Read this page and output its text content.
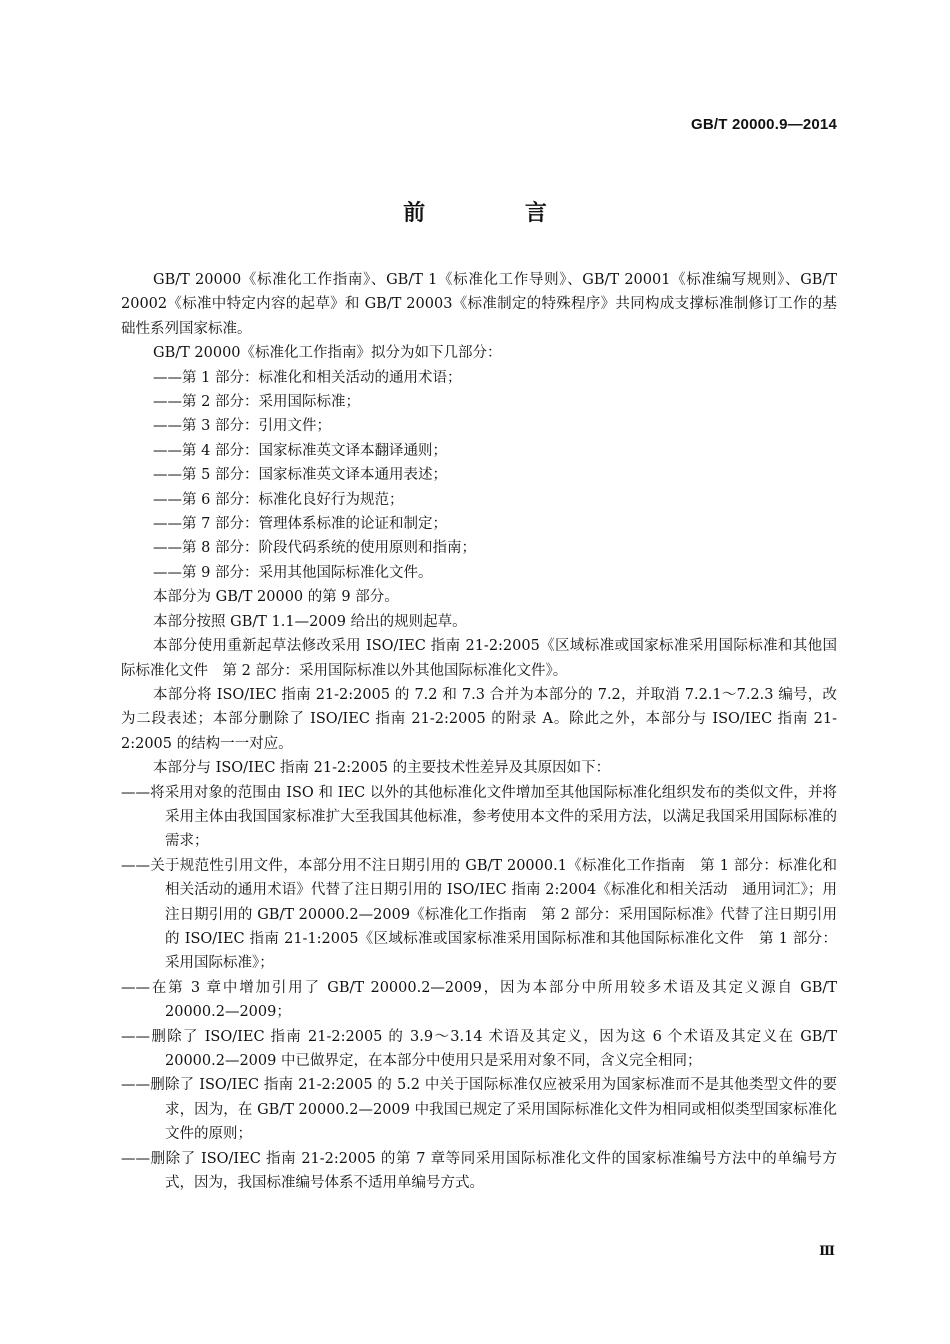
GB/T 20000.9—2014
前 言

GB/T 20000《标准化工作指南》、GB/T 1《标准化工作导则》、GB/T 20001《标准编写规则》、GB/T 20002《标准中特定内容的起草》和 GB/T 20003《标准制定的特殊程序》共同构成支撑标准制修订工作的基础性系列国家标准。

GB/T 20000《标准化工作指南》拟分为如下几部分：

——第 1 部分：标准化和相关活动的通用术语；

——第 2 部分：采用国际标准；

——第 3 部分：引用文件；

——第 4 部分：国家标准英文译本翻译通则；

——第 5 部分：国家标准英文译本通用表述；

——第 6 部分：标准化良好行为规范；

——第 7 部分：管理体系标准的论证和制定；

——第 8 部分：阶段代码系统的使用原则和指南；

——第 9 部分：采用其他国际标准化文件。

本部分为 GB/T 20000 的第 9 部分。

本部分按照 GB/T 1.1—2009 给出的规则起草。

本部分使用重新起草法修改采用 ISO/IEC 指南 21-2:2005《区域标准或国家标准采用国际标准和其他国际标准化文件　第 2 部分：采用国际标准以外其他国际标准化文件》。

本部分将 ISO/IEC 指南 21-2:2005 的 7.2 和 7.3 合并为本部分的 7.2，并取消 7.2.1～7.2.3 编号，改为二段表述；本部分删除了 ISO/IEC 指南 21-2:2005 的附录 A。除此之外，本部分与 ISO/IEC 指南 21-2:2005 的结构一一对应。

本部分与 ISO/IEC 指南 21-2:2005 的主要技术性差异及其原因如下：

——将采用对象的范围由 ISO 和 IEC 以外的其他标准化文件增加至其他国际标准化组织发布的类似文件，并将采用主体由我国国家标准扩大至我国其他标准，参考使用本文件的采用方法，以满足我国采用国际标准的需求；

——关于规范性引用文件，本部分用不注日期引用的 GB/T 20000.1《标准化工作指南　第 1 部分：标准化和相关活动的通用术语》代替了注日期引用的 ISO/IEC 指南 2:2004《标准化和相关活动　通用词汇》；用注日期引用的 GB/T 20000.2—2009《标准化工作指南　第 2 部分：采用国际标准》代替了注日期引用的 ISO/IEC 指南 21-1:2005《区域标准或国家标准采用国际标准和其他国际标准化文件　第 1 部分：采用国际标准》；

——在第 3 章中增加引用了 GB/T 20000.2—2009，因为本部分中所用较多术语及其定义源自 GB/T 20000.2—2009；

——删除了 ISO/IEC 指南 21-2:2005 的 3.9～3.14 术语及其定义，因为这 6 个术语及其定义在 GB/T 20000.2—2009 中已做界定，在本部分中使用只是采用对象不同，含义完全相同；

——删除了 ISO/IEC 指南 21-2:2005 的 5.2 中关于国际标准仅应被采用为国家标准而不是其他类型文件的要求，因为，在 GB/T 20000.2—2009 中我国已规定了采用国际标准化文件为相同或相似类型国家标准化文件的原则；

——删除了 ISO/IEC 指南 21-2:2005 的第 7 章等同采用国际标准化文件的国家标准编号方法中的单编号方式，因为，我国标准编号体系不适用单编号方式。

Ⅲ
